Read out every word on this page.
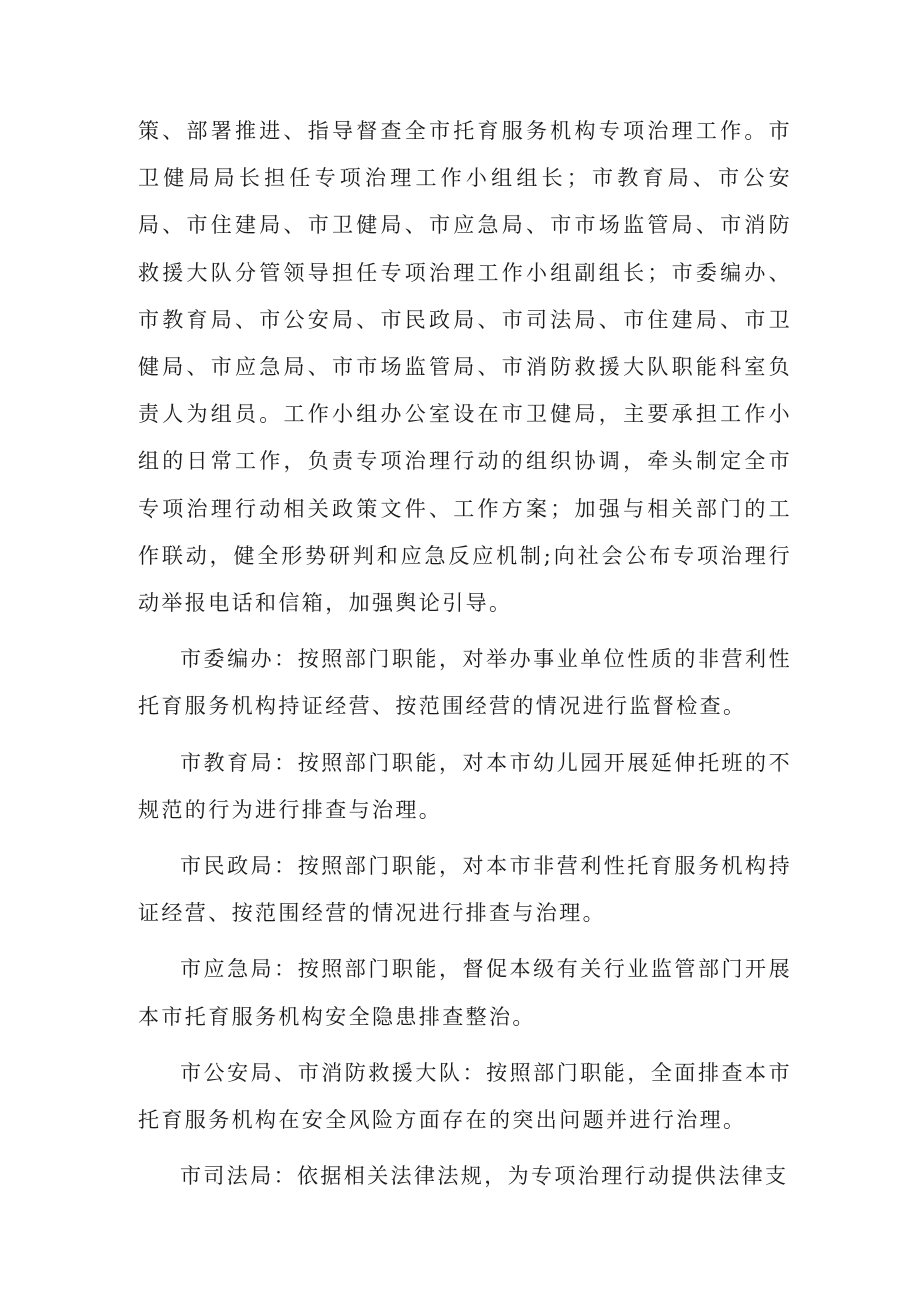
策、部署推进、指导督查全市托育服务机构专项治理工作。市卫健局局长担任专项治理工作小组组长；市教育局、市公安局、市住建局、市卫健局、市应急局、市市场监管局、市消防救援大队分管领导担任专项治理工作小组副组长；市委编办、市教育局、市公安局、市民政局、市司法局、市住建局、市卫健局、市应急局、市市场监管局、市消防救援大队职能科室负责人为组员。工作小组办公室设在市卫健局，主要承担工作小组的日常工作，负责专项治理行动的组织协调，牵头制定全市专项治理行动相关政策文件、工作方案；加强与相关部门的工作联动，健全形势研判和应急反应机制;向社会公布专项治理行动举报电话和信箱，加强舆论引导。

市委编办：按照部门职能，对举办事业单位性质的非营利性托育服务机构持证经营、按范围经营的情况进行监督检查。

市教育局：按照部门职能，对本市幼儿园开展延伸托班的不规范的行为进行排查与治理。

市民政局：按照部门职能，对本市非营利性托育服务机构持证经营、按范围经营的情况进行排查与治理。

市应急局：按照部门职能，督促本级有关行业监管部门开展本市托育服务机构安全隐患排查整治。

市公安局、市消防救援大队：按照部门职能，全面排查本市托育服务机构在安全风险方面存在的突出问题并进行治理。

市司法局：依据相关法律法规，为专项治理行动提供法律支
